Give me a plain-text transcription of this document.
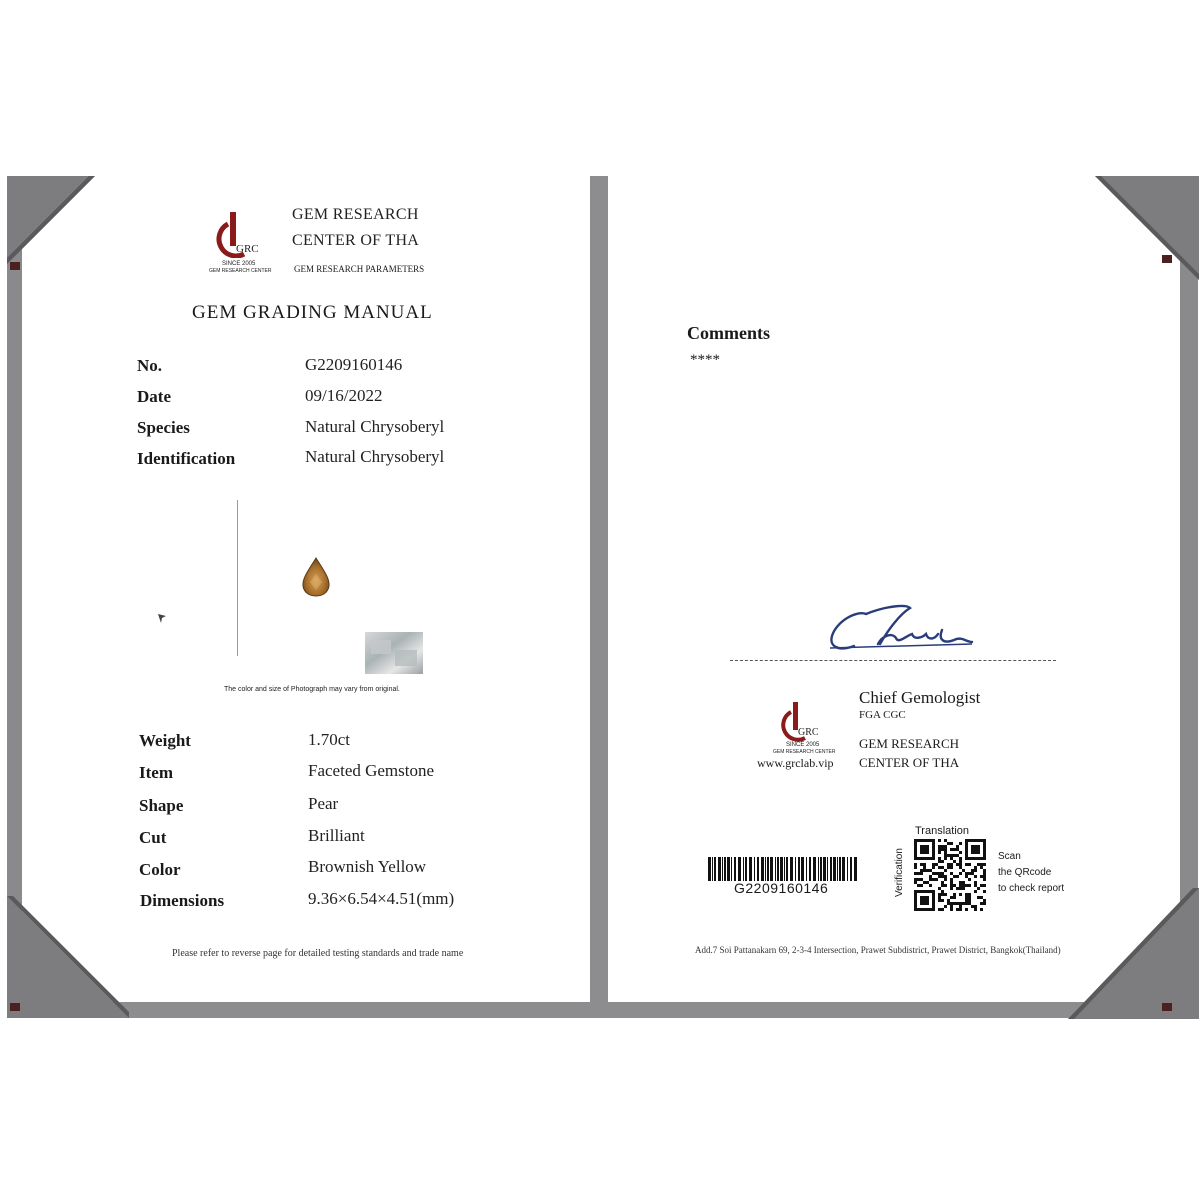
GRC
SINCE 2005
GEM RESEARCH CENTER
GEM RESEARCH
CENTER OF THA
GEM RESEARCH PARAMETERS
GEM GRADING MANUAL
No.	G2209160146
Date	09/16/2022
Species	Natural Chrysoberyl
Identification	Natural Chrysoberyl
The color and size of Photograph may vary from original.
Weight	1.70ct
Item	Faceted Gemstone
Shape	Pear
Cut	Brilliant
Color	Brownish Yellow
Dimensions	9.36×6.54×4.51(mm)
Please refer to reverse page for detailed testing standards and trade name
Comments
****
GRC
SINCE 2005
GEM RESEARCH CENTER
www.grclab.vip
Chief Gemologist
FGA CGC
GEM RESEARCH
CENTER OF THA
G2209160146
Translation
Verification	Scan
the QRcode
to check report
Add.7 Soi Pattanakarn 69, 2-3-4 Intersection, Prawet Subdistrict, Prawet District, Bangkok(Thailand)
